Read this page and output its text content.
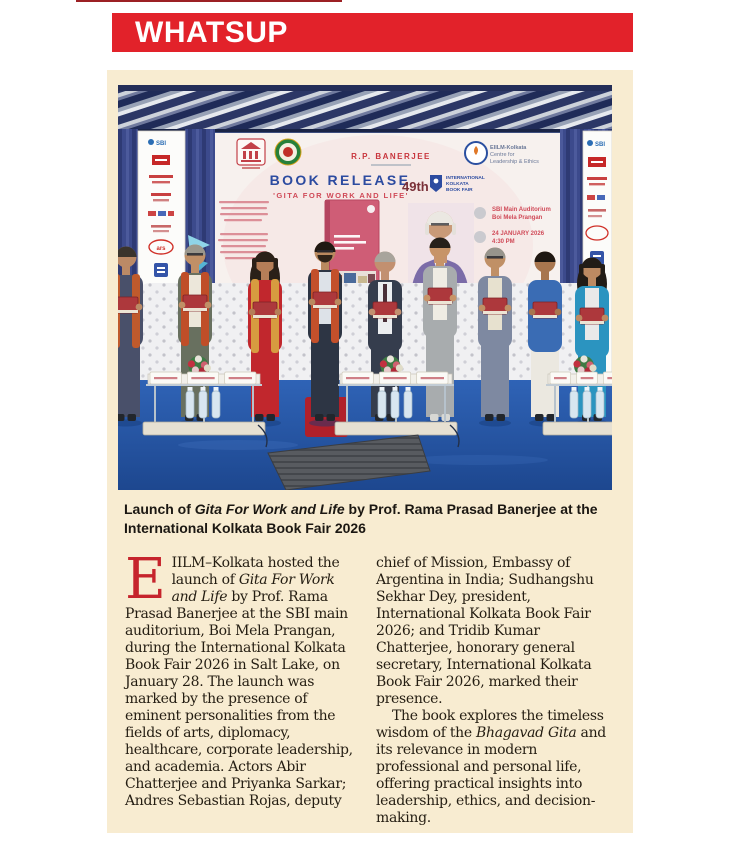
WHATSUP
SBI
ars
SBI
R.P. BANERJEE
BOOK RELEASE
'GITA FOR WORK AND LIFE'
49th
INTERNATIONAL
KOLKATA
BOOK FAIR
EIILM-Kolkata
Centre for
Leadership & Ethics
SBI Main Auditorium
Boi Mela Prangan
24 JANUARY 2026
4:30 PM
Launch of Gita For Work and Life by Prof. Rama Prasad Banerjee at the International Kolkata Book Fair 2026

EIILM–Kolkata hosted the launch of Gita For Work and Life by Prof. Rama Prasad Banerjee at the SBI main auditorium, Boi Mela Prangan, during the International Kolkata Book Fair 2026 in Salt Lake, on January 28. The launch was marked by the presence of eminent personalities from the fields of arts, diplomacy, healthcare, corporate leadership, and academia. Actors Abir Chatterjee and Priyanka Sarkar; Andres Sebastian Rojas, deputy

chief of Mission, Embassy of Argentina in India; Sudhangshu Sekhar Dey, president, International Kolkata Book Fair 2026; and Tridib Kumar Chatterjee, honorary general secretary, International Kolkata Book Fair 2026, marked their presence.

The book explores the timeless wisdom of the Bhagavad Gita and its relevance in modern professional and personal life, offering practical insights into leadership, ethics, and decision-making.
